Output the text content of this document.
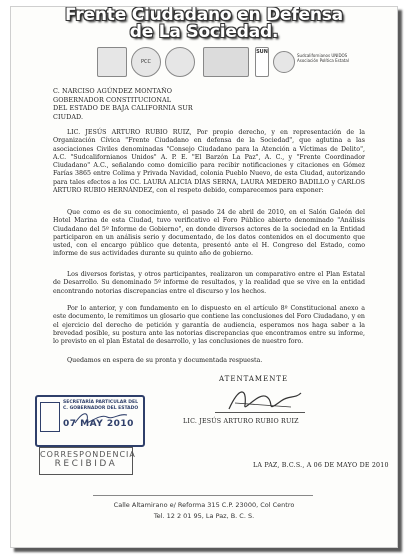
Frente Ciudadano en Defensa
de La Sociedad.
PCC
SUN
Sudcalifornianos UNIDOS Asociación Política Estatal
C. NARCISO AGÚNDEZ MONTAÑO
GOBERNADOR CONSTITUCIONAL
DEL ESTADO DE BAJA CALIFORNIA SUR
CIUDAD.
LIC. JESÚS ARTURO RUBIO RUIZ, Por propio derecho, y en representación de la Organización Cívica "Frente Ciudadano en defensa de la Sociedad", que aglutina a las asociaciones Civiles denominadas "Consejo Ciudadano para la Atención a Víctimas de Delito", A.C. "Sudcalifornianos Unidos" A. P. E. "El Barzón La Paz", A. C., y "Frente Coordinador Ciudadano" A.C., señalando como domicilio para recibir notificaciones y citaciones en Gómez Farías 3865 entre Colima y Privada Navidad, colonia Pueblo Nuevo, de esta Ciudad, autorizando para tales efectos a los CC. LAURA ALICIA DÍAS SERNA, LAURA MEDERO BADILLO y CARLOS ARTURO RUBIO HERNÁNDEZ, con el respeto debido, comparecemos para exponer:
Que como es de su conocimiento, el pasado 24 de abril de 2010, en el Salón Galeón del Hotel Marina de esta Ciudad, tuvo verificativo el Foro Público abierto denominado "Análisis Ciudadano del 5º Informe de Gobierno", en donde diversos actores de la sociedad en la Entidad participaron en un análisis serio y documentado, de los datos contenidos en el documento que usted, con el encargo público que detenta, presentó ante el H. Congreso del Estado, como informe de sus actividades durante su quinto año de gobierno.
Los diversos foristas, y otros participantes, realizaron un comparativo entre el Plan Estatal de Desarrollo. Su denominado 5º informe de resultados, y la realidad que se vive en la entidad encontrando notorias discrepancias entre el discurso y los hechos.
Por lo anterior, y con fundamento en lo dispuesto en el artículo 8º Constitucional anexo a este documento, le remitimos un glosario que contiene las conclusiones del Foro Ciudadano, y en el ejercicio del derecho de petición y garantía de audiencia, esperamos nos haga saber a la brevedad posible, su postura ante las notorias discrepancias que encontramos entre su informe, lo previsto en el plan Estatal de desarrollo, y las conclusiones de nuestro foro.
Quedamos en espera de su pronta y documentada respuesta.
ATENTAMENTE
LIC. JESÚS ARTURO RUBIO RUIZ
SECRETARÍA PARTICULAR DEL C. GOBERNADOR DEL ESTADO
07 MAY 2010
CORRESPONDENCIA
RECIBIDA	LA PAZ, B.C.S., A 06 DE MAYO DE 2010
Calle Altamirano e/ Reforma 315 C.P. 23000, Col Centro
Tel. 12 2 01 95, La Paz, B. C. S.
